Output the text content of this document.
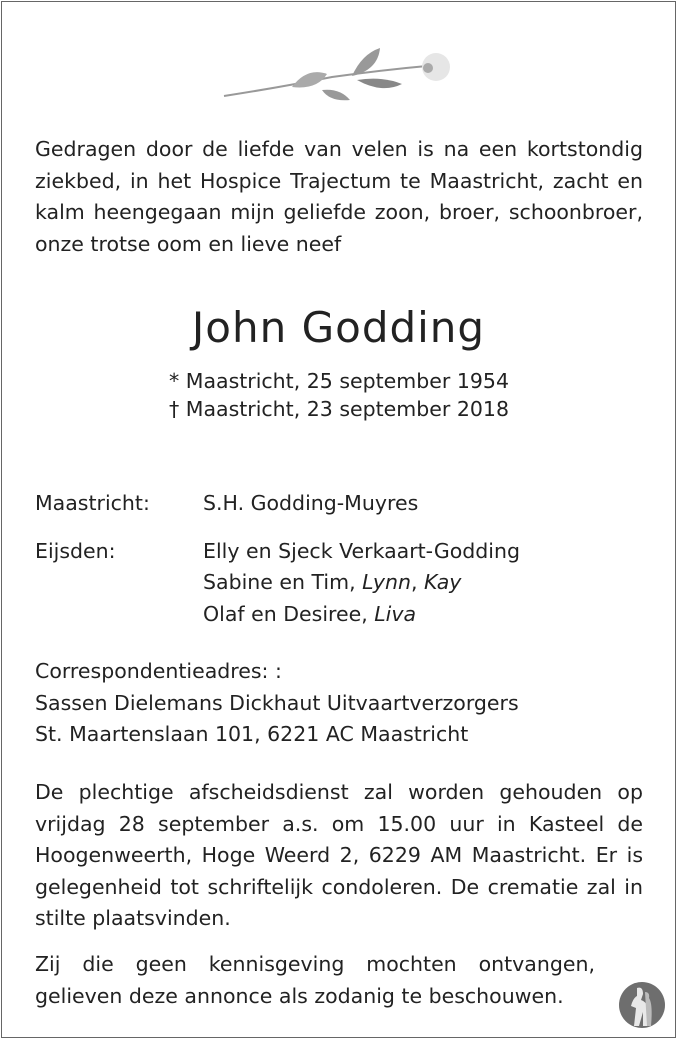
Gedragen door de liefde van velen is na een kortstondig ziekbed, in het Hospice Trajectum te Maastricht, zacht en kalm heengegaan mijn geliefde zoon, broer, schoonbroer, onze trotse oom en lieve neef
John Godding
* Maastricht, 25 september 1954
† Maastricht, 23 september 2018
Maastricht:	S.H. Godding-Muyres
Eijsden:	Elly en Sjeck Verkaart-Godding
Sabine en Tim, Lynn, Kay
Olaf en Desiree, Liva
Correspondentieadres: :
Sassen Dielemans Dickhaut Uitvaartverzorgers
St. Maartenslaan 101, 6221 AC Maastricht
De plechtige afscheidsdienst zal worden gehouden op vrijdag 28 september a.s. om 15.00 uur in Kasteel de Hoogenweerth, Hoge Weerd 2, 6229 AM Maastricht. Er is gelegenheid tot schriftelijk condoleren. De crematie zal in stilte plaatsvinden.
Zij die geen kennisgeving mochten ontvangen, gelieven deze annonce als zodanig te beschouwen.
